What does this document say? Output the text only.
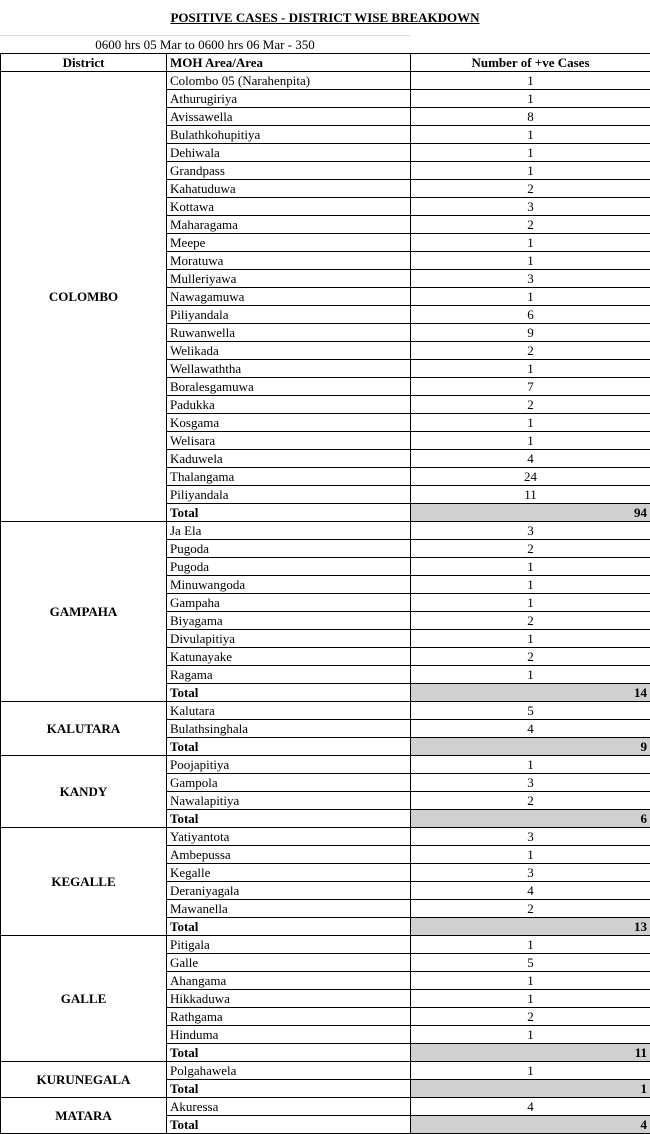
POSITIVE CASES - DISTRICT WISE BREAKDOWN
0600 hrs 05 Mar to 0600 hrs 06 Mar - 350
District	MOH Area/Area	Number of +ve Cases
COLOMBO	Colombo 05 (Narahenpita)	1
	Athurugiriya	1
	Avissawella	8
	Bulathkohupitiya	1
	Dehiwala	1
	Grandpass	1
	Kahatuduwa	2
	Kottawa	3
	Maharagama	2
	Meepe	1
	Moratuwa	1
	Mulleriyawa	3
	Nawagamuwa	1
	Piliyandala	6
	Ruwanwella	9
	Welikada	2
	Wellawaththa	1
	Boralesgamuwa	7
	Padukka	2
	Kosgama	1
	Welisara	1
	Kaduwela	4
	Thalangama	24
	Piliyandala	11
	Total	94
GAMPAHA	Ja Ela	3
	Pugoda	2
	Pugoda	1
	Minuwangoda	1
	Gampaha	1
	Biyagama	2
	Divulapitiya	1
	Katunayake	2
	Ragama	1
	Total	14
KALUTARA	Kalutara	5
	Bulathsinghala	4
	Total	9
KANDY	Poojapitiya	1
	Gampola	3
	Nawalapitiya	2
	Total	6
KEGALLE	Yatiyantota	3
	Ambepussa	1
	Kegalle	3
	Deraniyagala	4
	Mawanella	2
	Total	13
GALLE	Pitigala	1
	Galle	5
	Ahangama	1
	Hikkaduwa	1
	Rathgama	2
	Hinduma	1
	Total	11
KURUNEGALA	Polgahawela	1
	Total	1
MATARA	Akuressa	4
	Total	4
